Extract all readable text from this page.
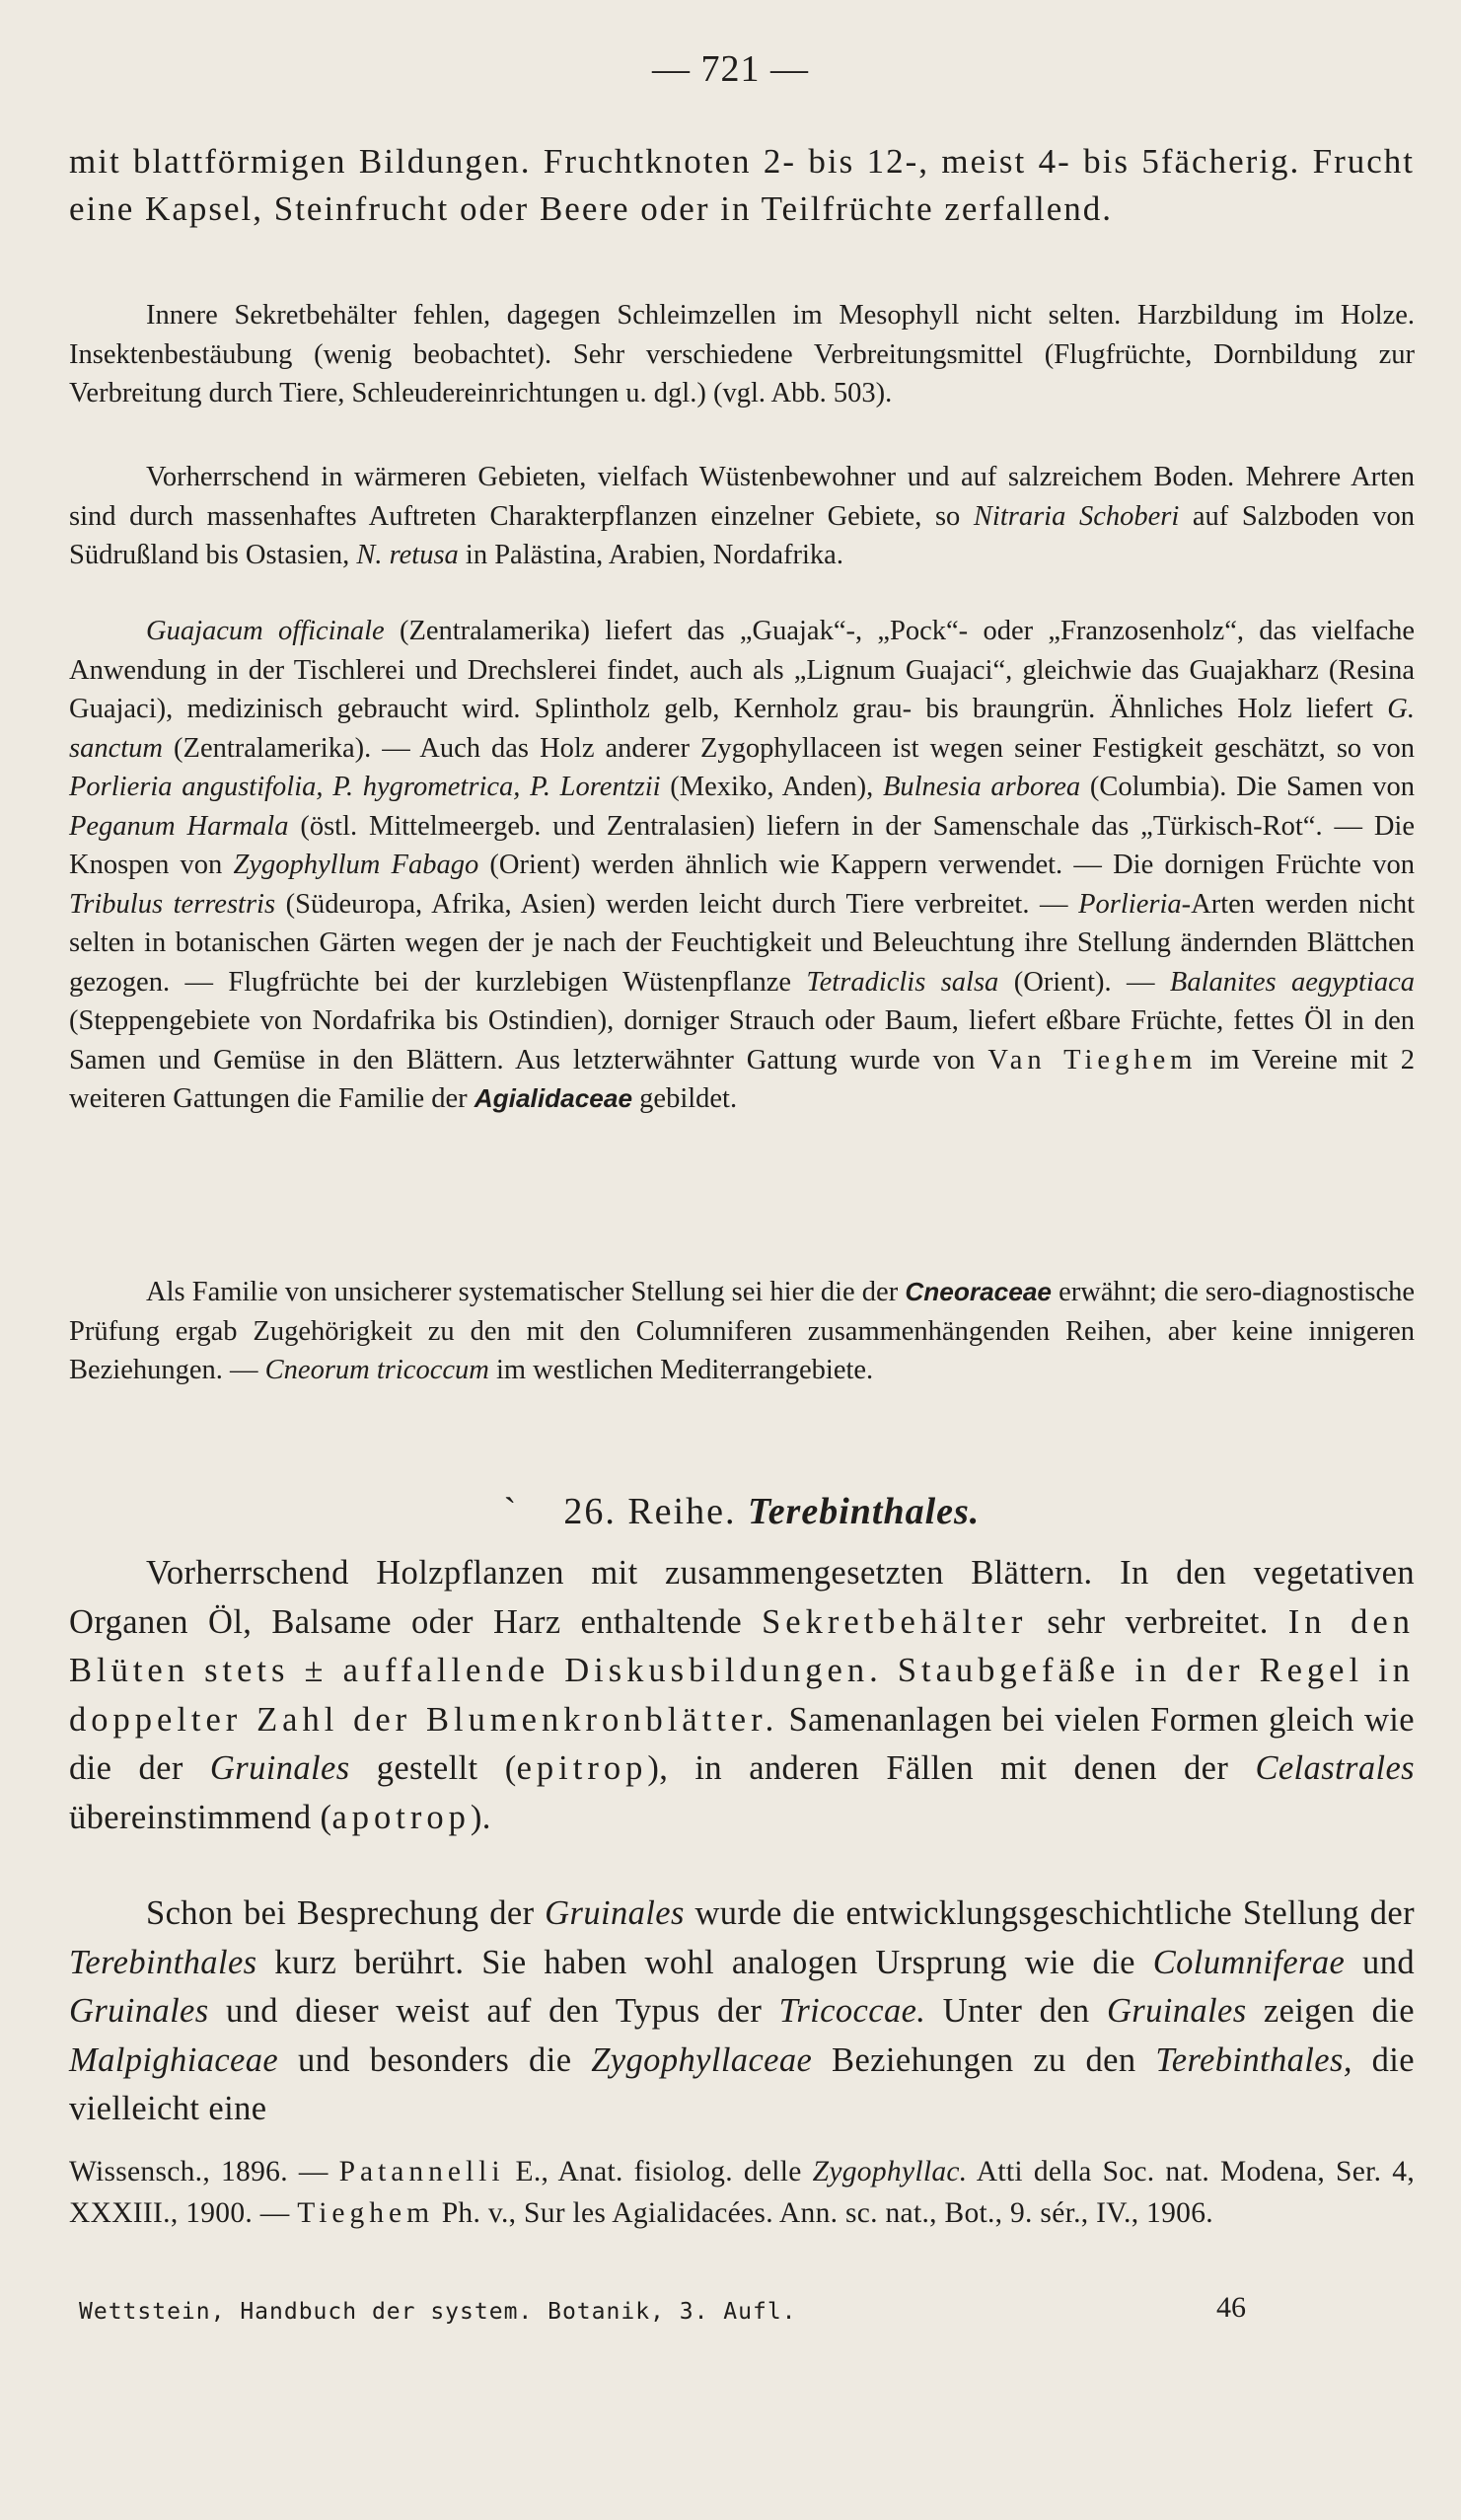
— 721 —

mit blattförmigen Bildungen. Fruchtknoten 2- bis 12-, meist 4- bis 5fächerig. Frucht eine Kapsel, Steinfrucht oder Beere oder in Teilfrüchte zerfallend.

Innere Sekretbehälter fehlen, dagegen Schleimzellen im Mesophyll nicht selten. Harzbildung im Holze. Insektenbestäubung (wenig beobachtet). Sehr verschiedene Verbreitungsmittel (Flugfrüchte, Dornbildung zur Verbreitung durch Tiere, Schleudereinrichtungen u. dgl.) (vgl. Abb. 503).

Vorherrschend in wärmeren Gebieten, vielfach Wüstenbewohner und auf salzreichem Boden. Mehrere Arten sind durch massenhaftes Auftreten Charakterpflanzen einzelner Gebiete, so Nitraria Schoberi auf Salzboden von Südrußland bis Ostasien, N. retusa in Palästina, Arabien, Nordafrika.

Guajacum officinale (Zentralamerika) liefert das „Guajak“-, „Pock“- oder „Franzosenholz“, das vielfache Anwendung in der Tischlerei und Drechslerei findet, auch als „Lignum Guajaci“, gleichwie das Guajakharz (Resina Guajaci), medizinisch gebraucht wird. Splintholz gelb, Kernholz grau- bis braungrün. Ähnliches Holz liefert G. sanctum (Zentralamerika). — Auch das Holz anderer Zygophyllaceen ist wegen seiner Festigkeit geschätzt, so von Porlieria angustifolia, P. hygrometrica, P. Lorentzii (Mexiko, Anden), Bulnesia arborea (Columbia). Die Samen von Peganum Harmala (östl. Mittelmeergeb. und Zentralasien) liefern in der Samenschale das „Türkisch-Rot“. — Die Knospen von Zygophyllum Fabago (Orient) werden ähnlich wie Kappern verwendet. — Die dornigen Früchte von Tribulus terrestris (Südeuropa, Afrika, Asien) werden leicht durch Tiere verbreitet. — Porlieria-Arten werden nicht selten in botanischen Gärten wegen der je nach der Feuchtigkeit und Beleuchtung ihre Stellung ändernden Blättchen gezogen. — Flugfrüchte bei der kurzlebigen Wüstenpflanze Tetradiclis salsa (Orient). — Balanites aegyptiaca (Steppengebiete von Nordafrika bis Ostindien), dorniger Strauch oder Baum, liefert eßbare Früchte, fettes Öl in den Samen und Gemüse in den Blättern. Aus letzterwähnter Gattung wurde von Van Tieghem im Vereine mit 2 weiteren Gattungen die Familie der Agialidaceae gebildet.

Als Familie von unsicherer systematischer Stellung sei hier die der Cneoraceae erwähnt; die sero-diagnostische Prüfung ergab Zugehörigkeit zu den mit den Columniferen zusammenhängenden Reihen, aber keine innigeren Beziehungen. — Cneorum tricoccum im westlichen Mediterrangebiete.

` 26. Reihe. Terebinthales.

Vorherrschend Holzpflanzen mit zusammengesetzten Blättern. In den vegetativen Organen Öl, Balsame oder Harz enthaltende Sekretbehälter sehr verbreitet. In den Blüten stets ± auffallende Diskusbildungen. Staubgefäße in der Regel in doppelter Zahl der Blumenkronblätter. Samenanlagen bei vielen Formen gleich wie die der Gruinales gestellt (epitrop), in anderen Fällen mit denen der Celastrales übereinstimmend (apotrop).

Schon bei Besprechung der Gruinales wurde die entwicklungsgeschichtliche Stellung der Terebinthales kurz berührt. Sie haben wohl analogen Ursprung wie die Columniferae und Gruinales und dieser weist auf den Typus der Tricoccae. Unter den Gruinales zeigen die Malpighiaceae und besonders die Zygophyllaceae Beziehungen zu den Terebinthales, die vielleicht eine

Wissensch., 1896. — Patannelli E., Anat. fisiolog. delle Zygophyllac. Atti della Soc. nat. Modena, Ser. 4, XXXIII., 1900. — Tieghem Ph. v., Sur les Agialidacées. Ann. sc. nat., Bot., 9. sér., IV., 1906.

Wettstein, Handbuch der system. Botanik, 3. Aufl.	46
